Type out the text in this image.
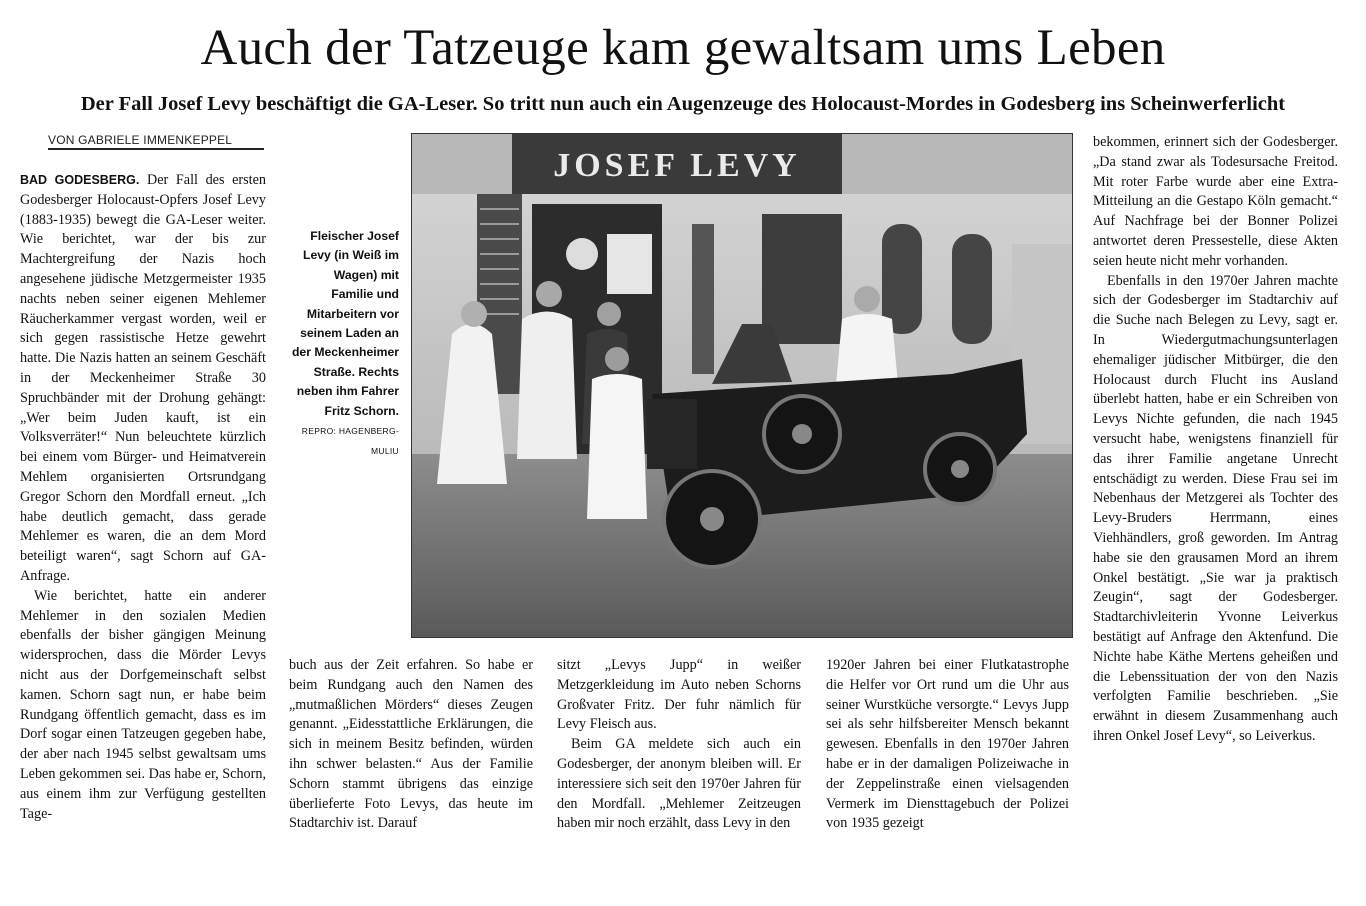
Auch der Tatzeuge kam gewaltsam ums Leben
Der Fall Josef Levy beschäftigt die GA-Leser. So tritt nun auch ein Augenzeuge des Holocaust-Mordes in Godesberg ins Scheinwerferlicht
VON GABRIELE IMMENKEPPEL

BAD GODESBERG. Der Fall des ersten Godesberger Holocaust-Opfers Josef Levy (1883-1935) bewegt die GA-Leser weiter. Wie berichtet, war der bis zur Machtergreifung der Nazis hoch angesehene jüdische Metzgermeister 1935 nachts neben seiner eigenen Mehlemer Räucherkammer vergast worden, weil er sich gegen rassistische Hetze gewehrt hatte. Die Nazis hatten an seinem Geschäft in der Meckenheimer Straße 30 Spruchbänder mit der Drohung gehängt: „Wer beim Juden kauft, ist ein Volksverräter!“ Nun beleuchtete kürzlich bei einem vom Bürger- und Heimatverein Mehlem organisierten Ortsrundgang Gregor Schorn den Mordfall erneut. „Ich habe deutlich gemacht, dass gerade Mehlemer es waren, die an dem Mord beteiligt waren“, sagt Schorn auf GA-Anfrage.

Wie berichtet, hatte ein anderer Mehlemer in den sozialen Medien ebenfalls der bisher gängigen Meinung widersprochen, dass die Mörder Levys nicht aus der Dorfgemeinschaft selbst kamen. Schorn sagt nun, er habe beim Rundgang öffentlich gemacht, dass es im Dorf sogar einen Tatzeugen gegeben habe, der aber nach 1945 selbst gewaltsam ums Leben gekommen sei. Das habe er, Schorn, aus einem ihm zur Verfügung gestellten Tage-

JOSEF LEVY
Fleischer Josef Levy (in Weiß im Wagen) mit Familie und Mitarbeitern vor seinem Laden an der Meckenheimer Straße. Rechts neben ihm Fahrer Fritz Schorn. REPRO: HAGENBERG-MULIU

buch aus der Zeit erfahren. So habe er beim Rundgang auch den Namen des „mutmaßlichen Mörders“ dieses Zeugen genannt. „Eidesstattliche Erklärungen, die sich in meinem Besitz befinden, würden ihn schwer belasten.“ Aus der Familie Schorn stammt übrigens das einzige überlieferte Foto Levys, das heute im Stadtarchiv ist. Darauf

sitzt „Levys Jupp“ in weißer Metzgerkleidung im Auto neben Schorns Großvater Fritz. Der fuhr nämlich für Levy Fleisch aus.

Beim GA meldete sich auch ein Godesberger, der anonym bleiben will. Er interessiere sich seit den 1970er Jahren für den Mordfall. „Mehlemer Zeitzeugen haben mir noch erzählt, dass Levy in den

1920er Jahren bei einer Flutkatastrophe die Helfer vor Ort rund um die Uhr aus seiner Wurstküche versorgte.“ Levys Jupp sei als sehr hilfsbereiter Mensch bekannt gewesen. Ebenfalls in den 1970er Jahren habe er in der damaligen Polizeiwache in der Zeppelinstraße einen vielsagenden Vermerk im Diensttagebuch der Polizei von 1935 gezeigt

bekommen, erinnert sich der Godesberger. „Da stand zwar als Todesursache Freitod. Mit roter Farbe wurde aber eine Extra-Mitteilung an die Gestapo Köln gemacht.“ Auf Nachfrage bei der Bonner Polizei antwortet deren Pressestelle, diese Akten seien heute nicht mehr vorhanden.

Ebenfalls in den 1970er Jahren machte sich der Godesberger im Stadtarchiv auf die Suche nach Belegen zu Levy, sagt er. In Wiedergutmachungsunterlagen ehemaliger jüdischer Mitbürger, die den Holocaust durch Flucht ins Ausland überlebt hatten, habe er ein Schreiben von Levys Nichte gefunden, die nach 1945 versucht habe, wenigstens finanziell für das ihrer Familie angetane Unrecht entschädigt zu werden. Diese Frau sei im Nebenhaus der Metzgerei als Tochter des Levy-Bruders Herrmann, eines Viehhändlers, groß geworden. Im Antrag habe sie den grausamen Mord an ihrem Onkel bestätigt. „Sie war ja praktisch Zeugin“, sagt der Godesberger. Stadtarchivleiterin Yvonne Leiverkus bestätigt auf Anfrage den Aktenfund. Die Nichte habe Käthe Mertens geheißen und die Lebenssituation der von den Nazis verfolgten Familie beschrieben. „Sie erwähnt in diesem Zusammenhang auch ihren Onkel Josef Levy“, so Leiverkus.
